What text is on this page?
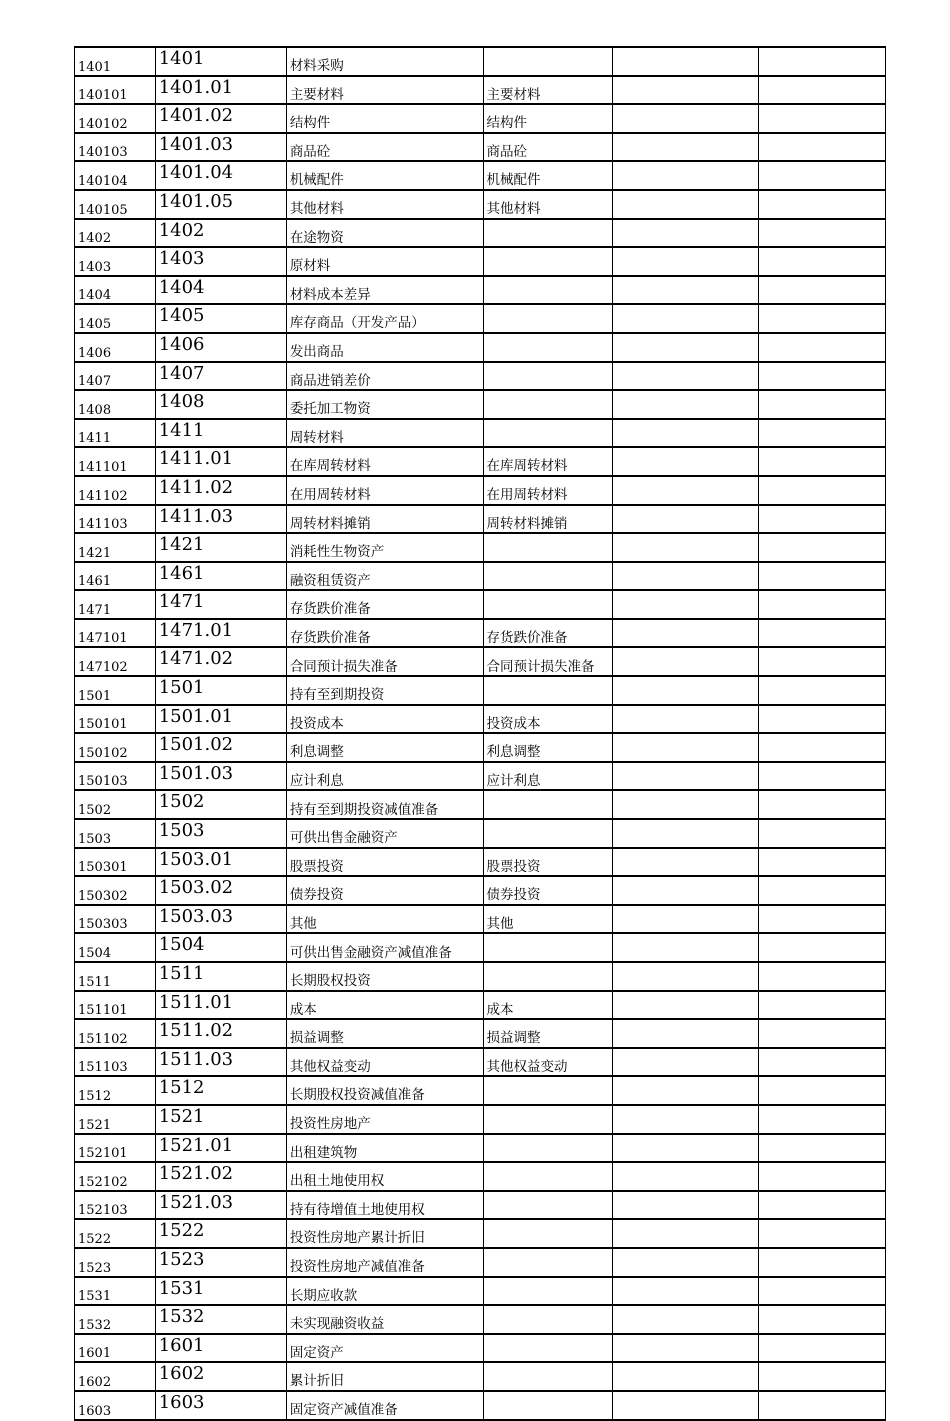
1401	1401	材料采购			
140101	1401.01	主要材料	主要材料		
140102	1401.02	结构件	结构件		
140103	1401.03	商品砼	商品砼		
140104	1401.04	机械配件	机械配件		
140105	1401.05	其他材料	其他材料		
1402	1402	在途物资			
1403	1403	原材料			
1404	1404	材料成本差异			
1405	1405	库存商品（开发产品）			
1406	1406	发出商品			
1407	1407	商品进销差价			
1408	1408	委托加工物资			
1411	1411	周转材料			
141101	1411.01	在库周转材料	在库周转材料		
141102	1411.02	在用周转材料	在用周转材料		
141103	1411.03	周转材料摊销	周转材料摊销		
1421	1421	消耗性生物资产			
1461	1461	融资租赁资产			
1471	1471	存货跌价准备			
147101	1471.01	存货跌价准备	存货跌价准备		
147102	1471.02	合同预计损失准备	合同预计损失准备		
1501	1501	持有至到期投资			
150101	1501.01	投资成本	投资成本		
150102	1501.02	利息调整	利息调整		
150103	1501.03	应计利息	应计利息		
1502	1502	持有至到期投资减值准备			
1503	1503	可供出售金融资产			
150301	1503.01	股票投资	股票投资		
150302	1503.02	债券投资	债券投资		
150303	1503.03	其他	其他		
1504	1504	可供出售金融资产减值准备			
1511	1511	长期股权投资			
151101	1511.01	成本	成本		
151102	1511.02	损益调整	损益调整		
151103	1511.03	其他权益变动	其他权益变动		
1512	1512	长期股权投资减值准备			
1521	1521	投资性房地产			
152101	1521.01	出租建筑物			
152102	1521.02	出租土地使用权			
152103	1521.03	持有待增值土地使用权			
1522	1522	投资性房地产累计折旧			
1523	1523	投资性房地产减值准备			
1531	1531	长期应收款			
1532	1532	未实现融资收益			
1601	1601	固定资产			
1602	1602	累计折旧			
1603	1603	固定资产减值准备			
